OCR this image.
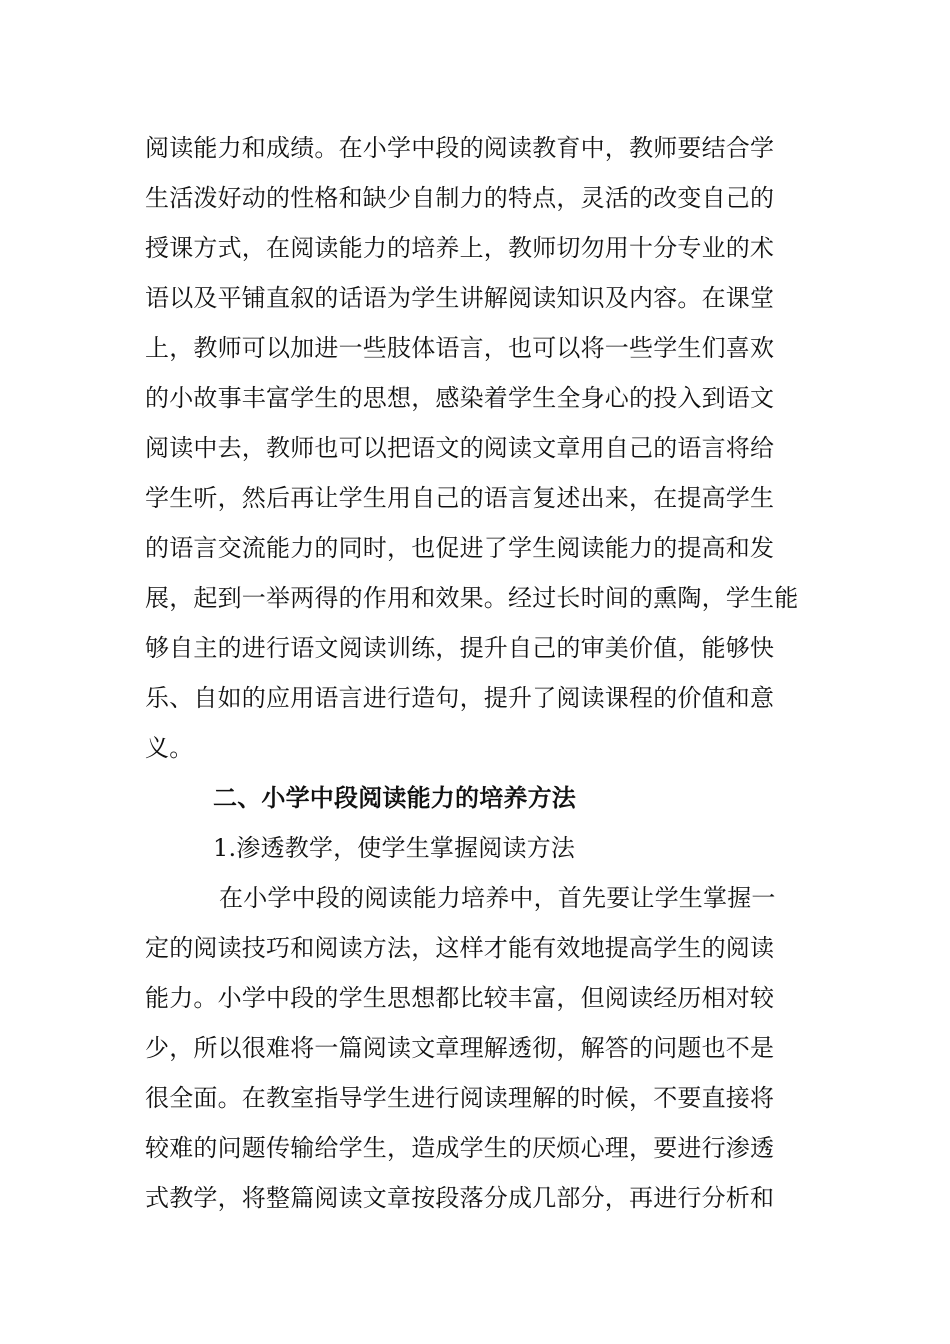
阅读能力和成绩。在小学中段的阅读教育中，教师要结合学
生活泼好动的性格和缺少自制力的特点，灵活的改变自己的
授课方式，在阅读能力的培养上，教师切勿用十分专业的术
语以及平铺直叙的话语为学生讲解阅读知识及内容。在课堂
上，教师可以加进一些肢体语言，也可以将一些学生们喜欢
的小故事丰富学生的思想，感染着学生全身心的投入到语文
阅读中去，教师也可以把语文的阅读文章用自己的语言将给
学生听，然后再让学生用自己的语言复述出来，在提高学生
的语言交流能力的同时，也促进了学生阅读能力的提高和发
展，起到一举两得的作用和效果。经过长时间的熏陶，学生能
够自主的进行语文阅读训练，提升自己的审美价值，能够快
乐、自如的应用语言进行造句，提升了阅读课程的价值和意
义。
二、小学中段阅读能力的培养方法
1.渗透教学，使学生掌握阅读方法
在小学中段的阅读能力培养中，首先要让学生掌握一
定的阅读技巧和阅读方法，这样才能有效地提高学生的阅读
能力。小学中段的学生思想都比较丰富，但阅读经历相对较
少，所以很难将一篇阅读文章理解透彻，解答的问题也不是
很全面。在教室指导学生进行阅读理解的时候，不要直接将
较难的问题传输给学生，造成学生的厌烦心理，要进行渗透
式教学，将整篇阅读文章按段落分成几部分，再进行分析和
